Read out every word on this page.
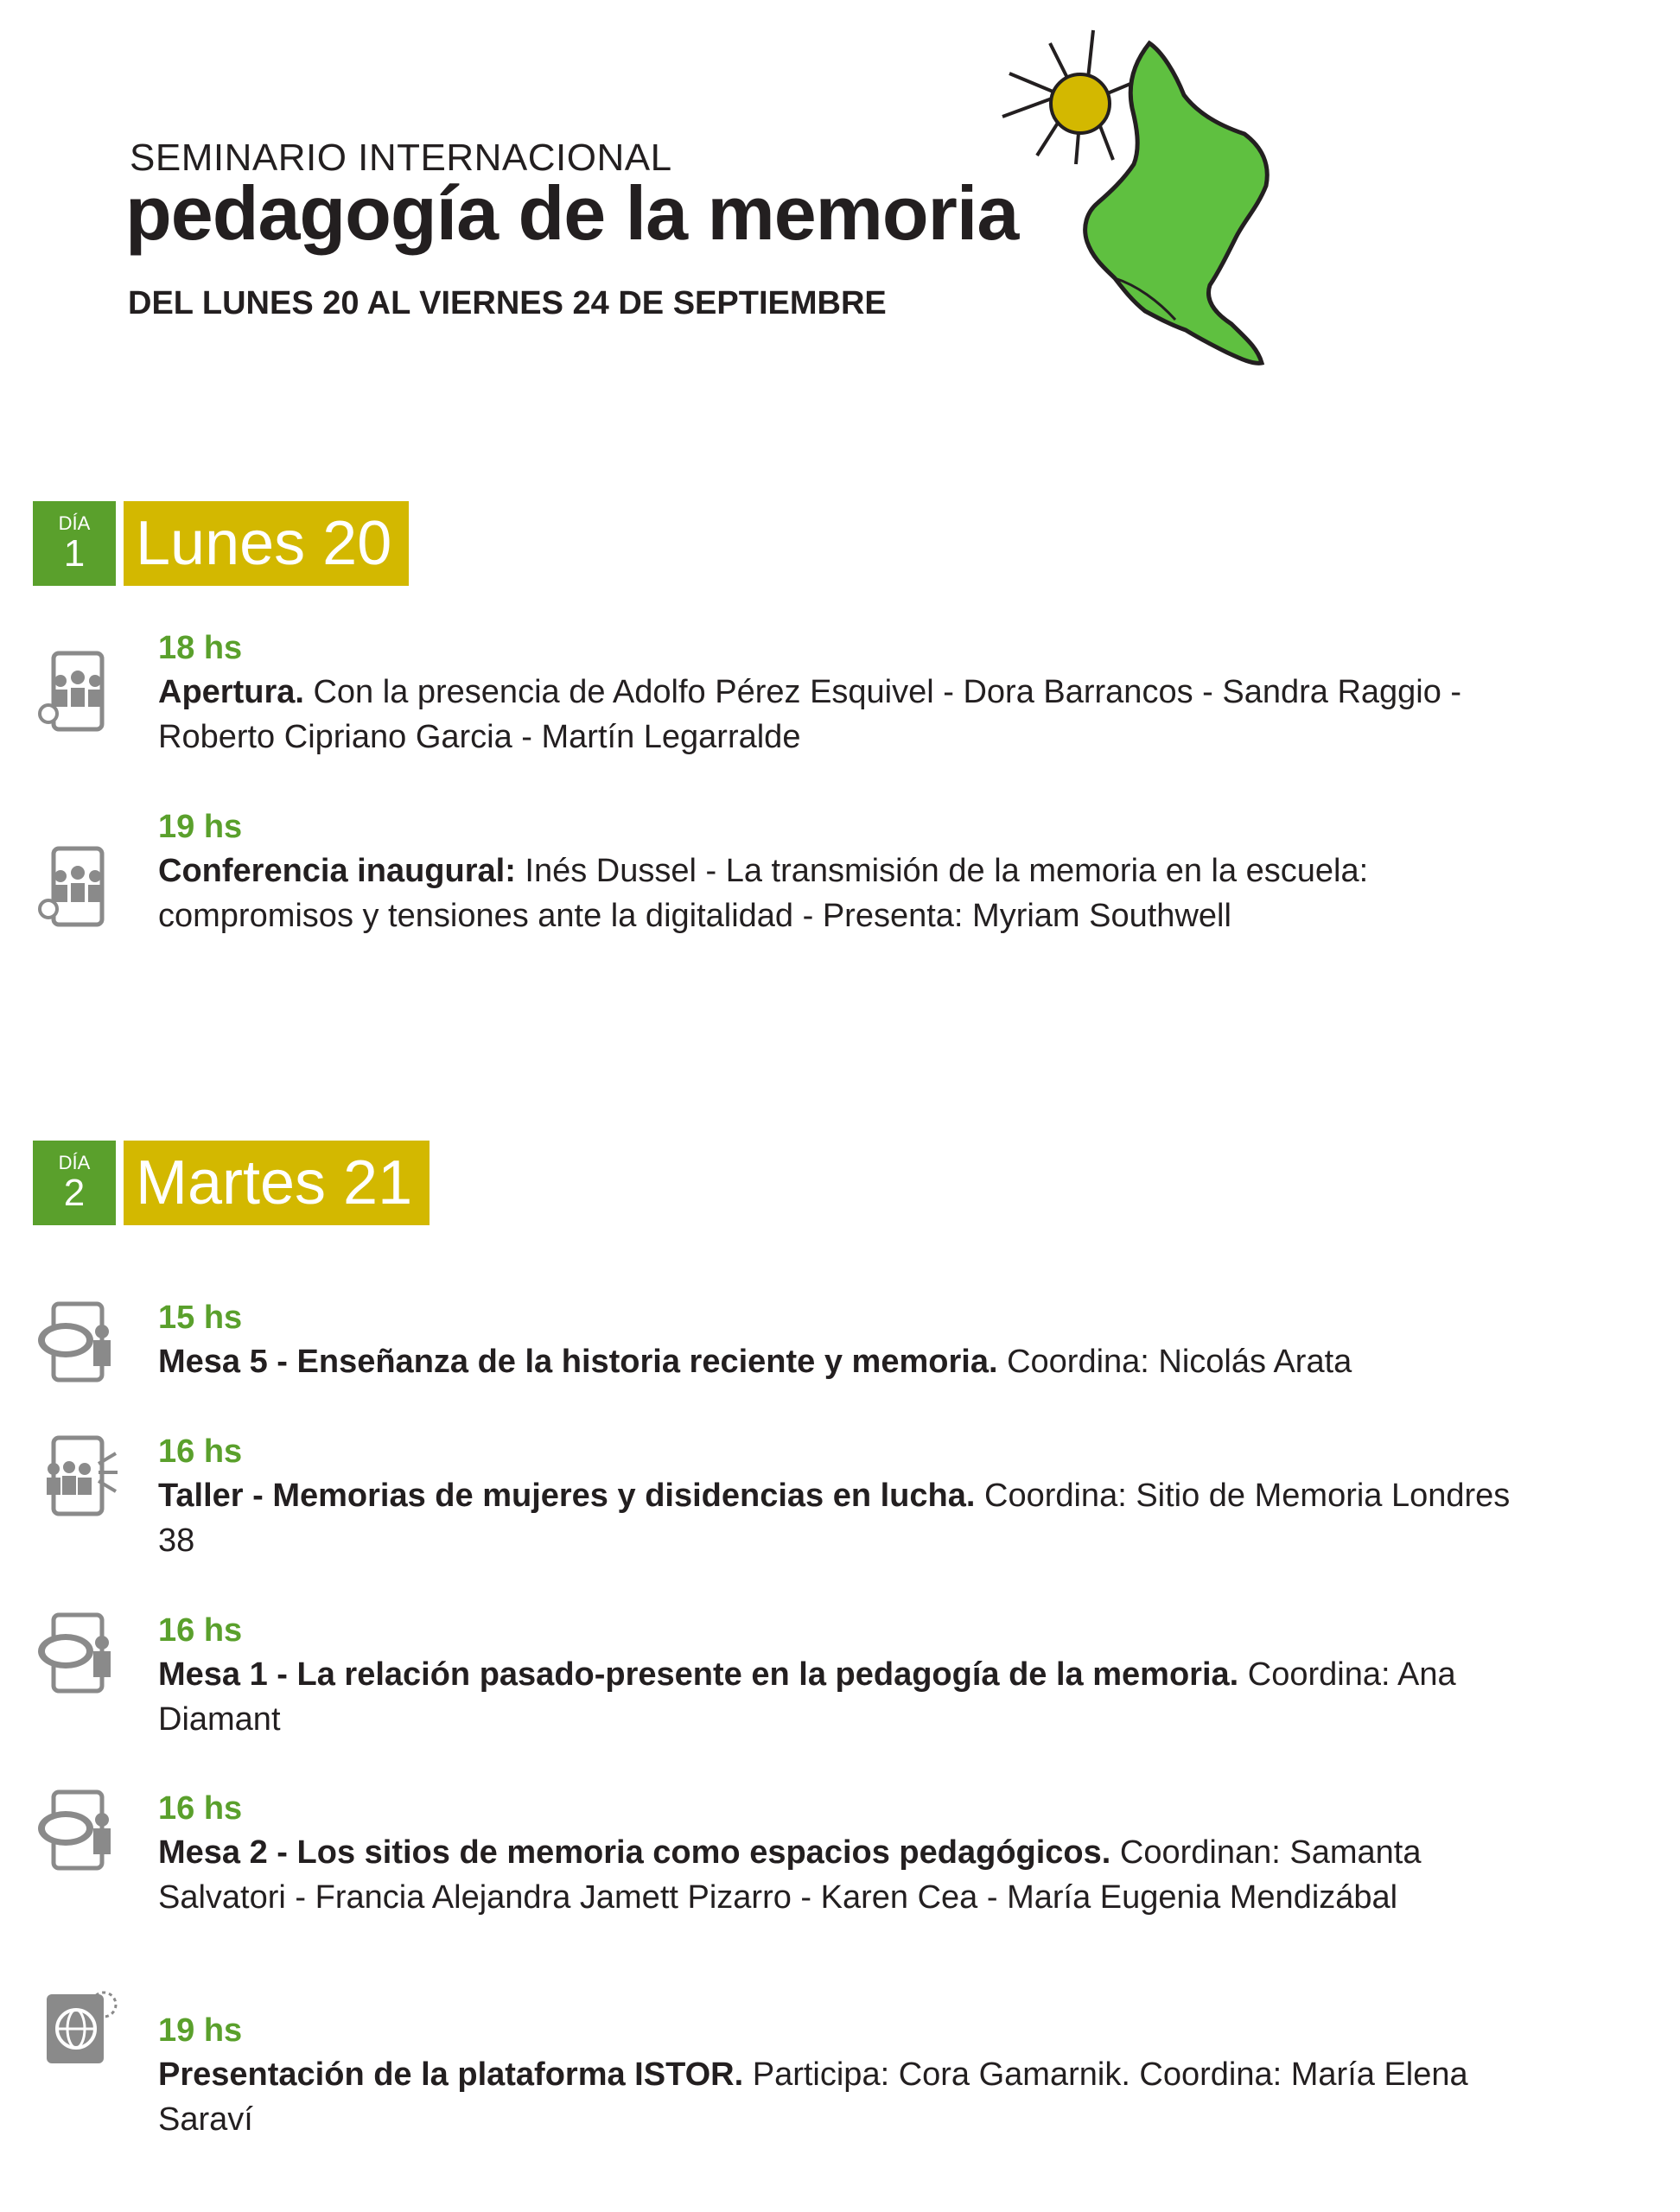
SEMINARIO INTERNACIONAL
pedagogía de la memoria
DEL LUNES 20 AL VIERNES 24 DE SEPTIEMBRE
DÍA
1 Lunes 20
18 hs
Apertura. Con la presencia de Adolfo Pérez Esquivel - Dora Barrancos - Sandra Raggio - Roberto Cipriano Garcia - Martín Legarralde
19 hs
Conferencia inaugural: Inés Dussel - La transmisión de la memoria en la escuela: compromisos y tensiones ante la digitalidad - Presenta: Myriam Southwell
DÍA
2 Martes 21
15 hs
Mesa 5 - Enseñanza de la historia reciente y memoria. Coordina: Nicolás Arata
16 hs
Taller - Memorias de mujeres y disidencias en lucha. Coordina: Sitio de Memoria Londres 38
16 hs
Mesa 1 - La relación pasado-presente en la pedagogía de la memoria. Coordina: Ana Diamant
16 hs
Mesa 2 - Los sitios de memoria como espacios pedagógicos. Coordinan: Samanta Salvatori - Francia Alejandra Jamett Pizarro - Karen Cea - María Eugenia Mendizábal
19 hs
Presentación de la plataforma ISTOR. Participa: Cora Gamarnik. Coordina: María Elena Saraví
